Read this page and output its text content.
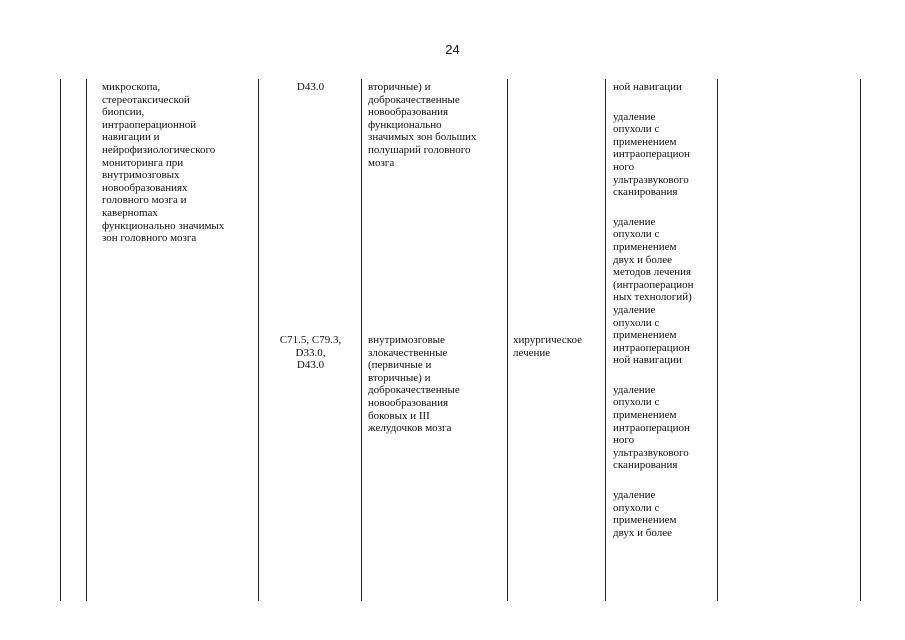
24
микроскопа,
стереотаксической
биопсии,
интраоперационной
навигации и
нейрофизиологического
мониторинга при
внутримозговых
новообразованиях
головного мозга и
кавернomах
функционально значимых
зон головного мозга
D43.0	вторичные) и
доброкачественные
новообразования
функционально
значимых зон больших
полушарий головного
мозга
C71.5, C79.3,
D33.0,
D43.0
внутримозговые
злокачественные
(первичные и
вторичные) и
доброкачественные
новообразования
боковых и III
желудочков мозга
хирургическое
лечение
ной навигации
удаление
опухоли с
применением
интраоперацион
ного
ультразвукового
сканирования
удаление
опухоли с
применением
двух и более
методов лечения
(интраоперацион
ных технологий)
удаление
опухоли с
применением
интраоперацион
ной навигации
удаление
опухоли с
применением
интраоперацион
ного
ультразвукового
сканирования
удаление
опухоли с
применением
двух и более
